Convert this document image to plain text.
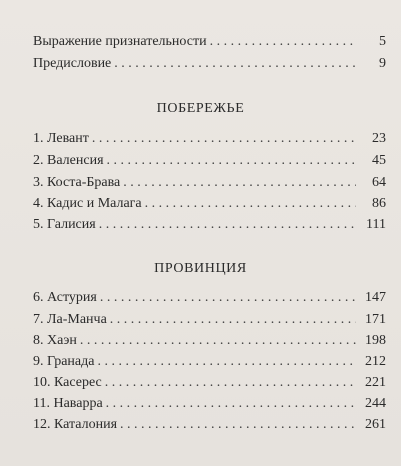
Выражение признательности . . .	5
Предисловие . . .	9
ПОБЕРЕЖЬЕ
1. Левант . . .	23
2. Валенсия . . .	45
3. Коста-Брава . . .	64
4. Кадис и Малага . . .	86
5. Галисия . . .	111
ПРОВИНЦИЯ
6. Астурия . . .	147
7. Ла-Манча . . .	171
8. Хаэн . . .	198
9. Гранада . . .	212
10. Касерес . . .	221
11. Наварра . . .	244
12. Каталония . . .	261
